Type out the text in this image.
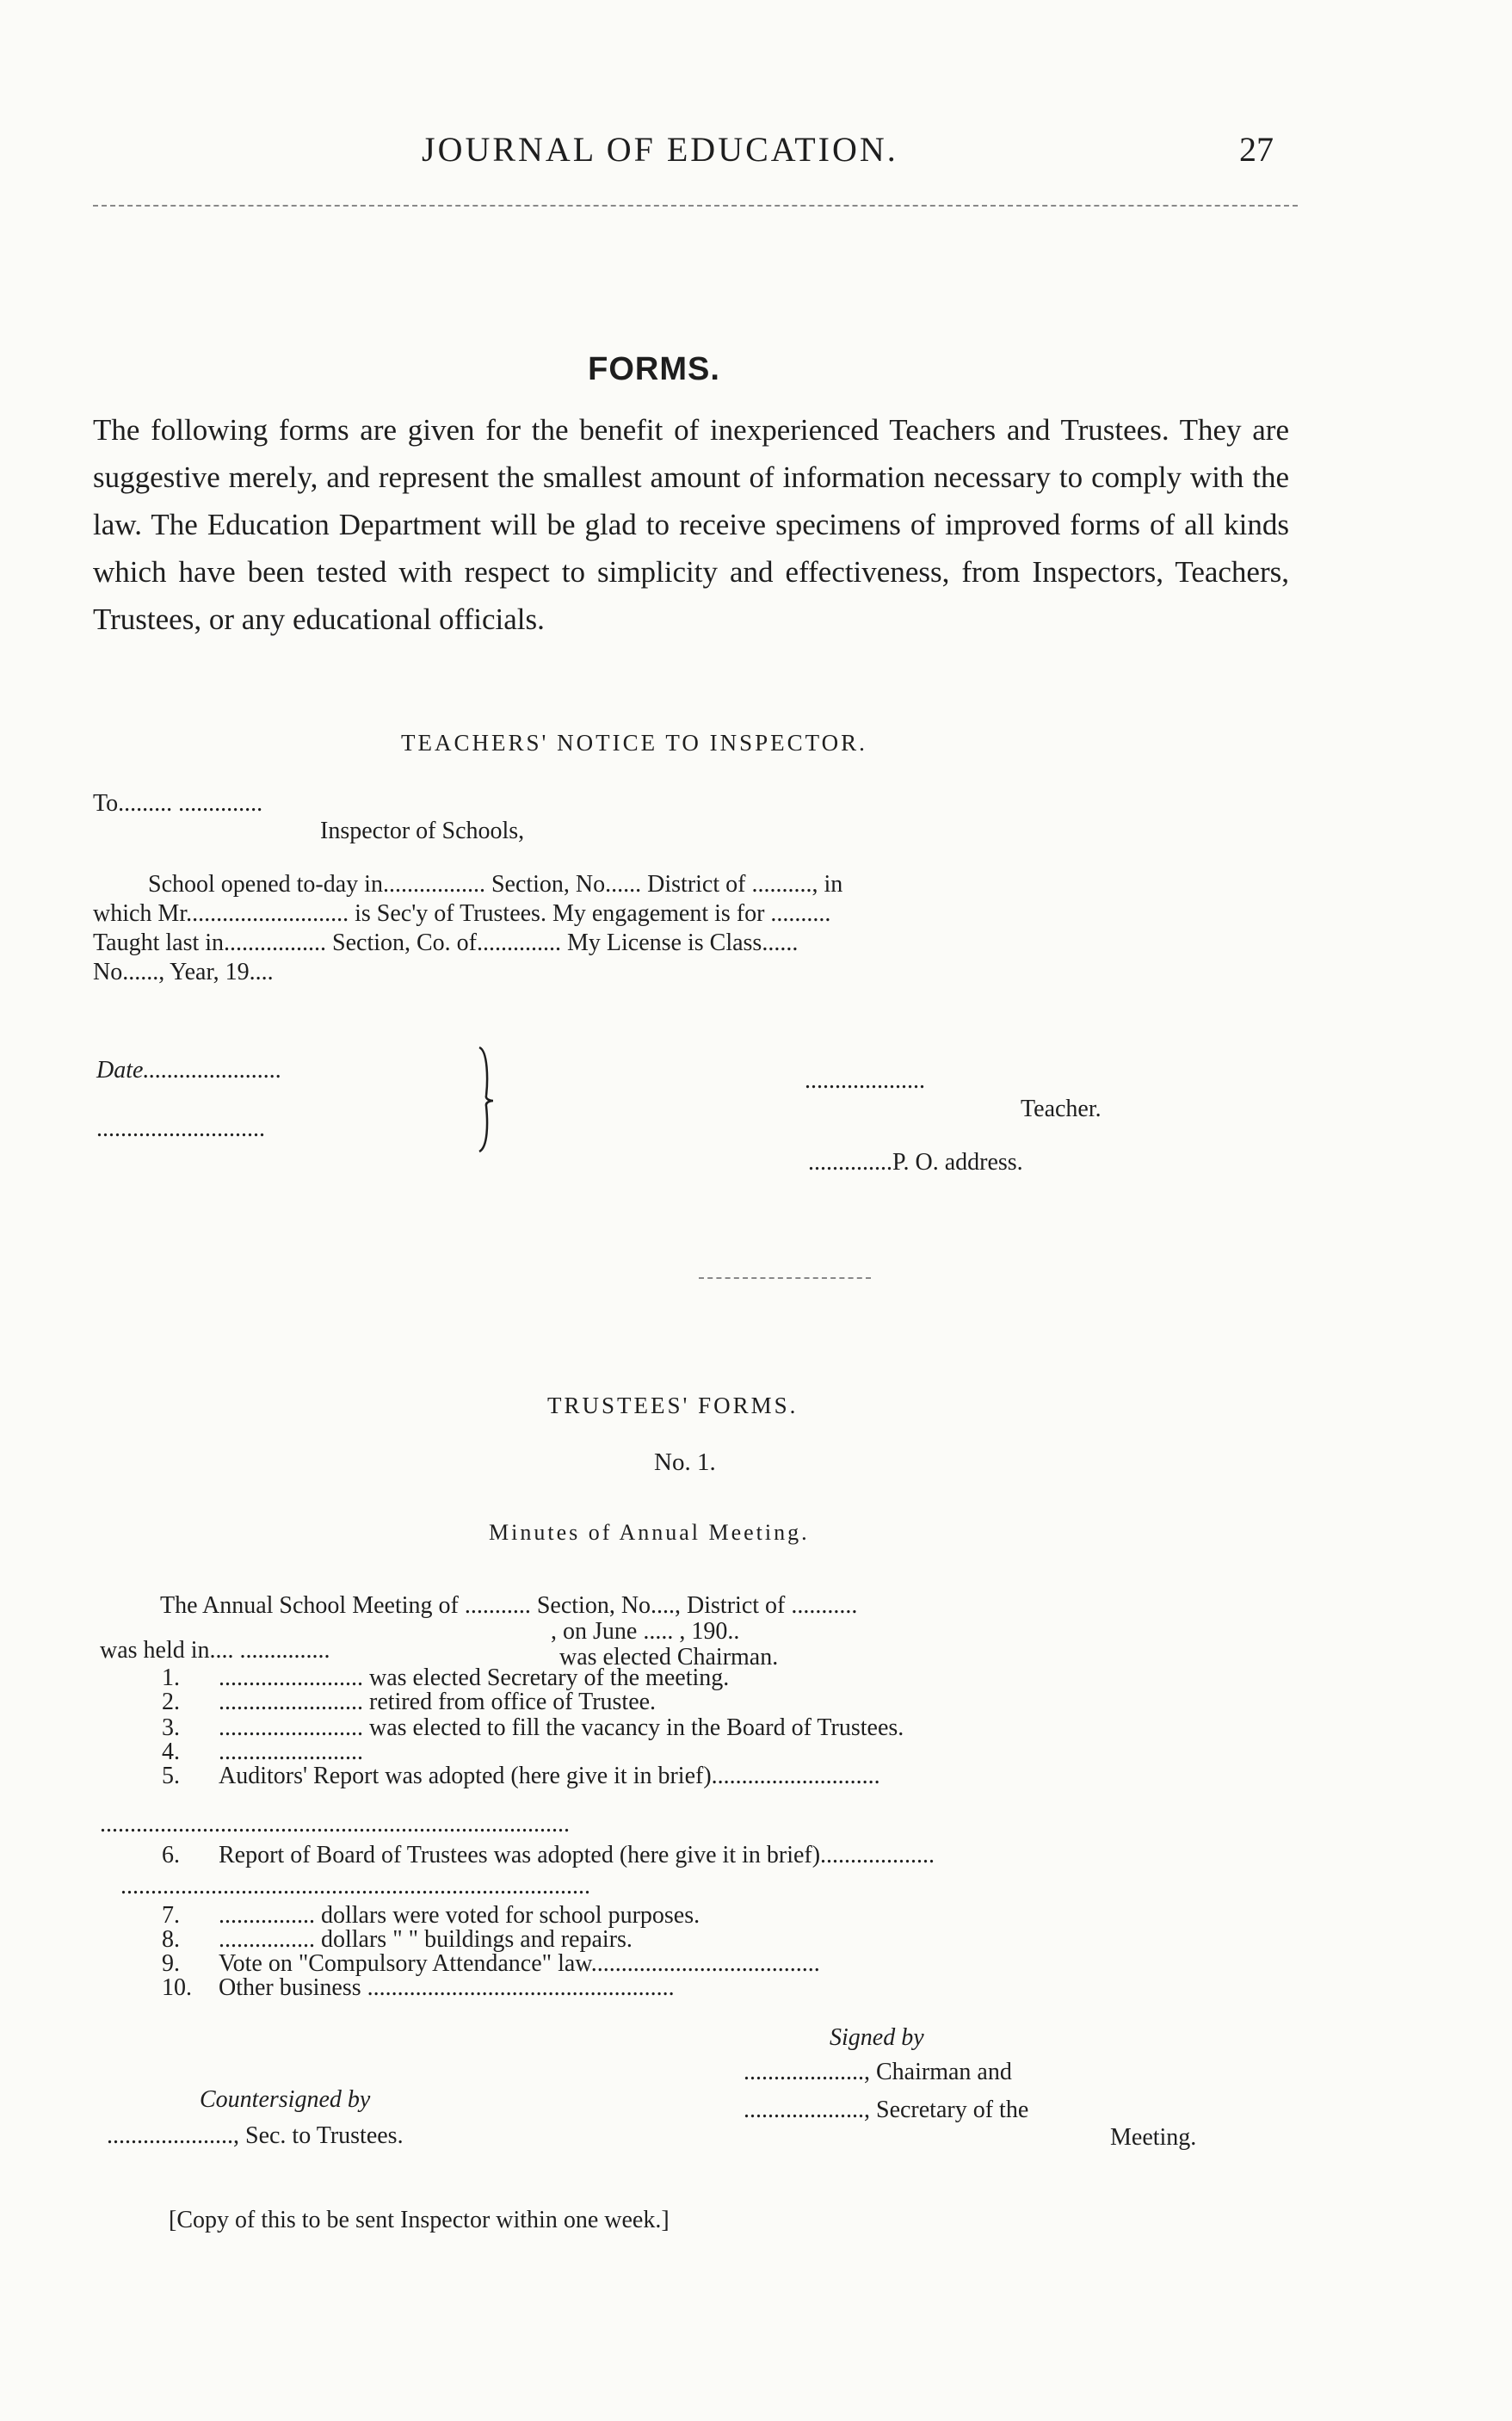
JOURNAL OF EDUCATION.	27
FORMS.
The following forms are given for the benefit of inexperienced Teachers and Trustees. They are suggestive merely, and represent the smallest amount of information necessary to comply with the law. The Education Department will be glad to receive specimens of improved forms of all kinds which have been tested with respect to simplicity and effectiveness, from Inspectors, Teachers, Trustees, or any educational officials.
TEACHERS' NOTICE TO INSPECTOR.
To......... ..............
Inspector of Schools,
School opened to-day in................. Section, No...... District of .........., in
which Mr........................... is Sec'y of Trustees. My engagement is for ..........
Taught last in................. Section, Co. of.............. My License is Class......
No......, Year, 19....
Date.......................
............................
....................
Teacher.
..............P. O. address.
TRUSTEES' FORMS.
No. 1.
Minutes of Annual Meeting.
The Annual School Meeting of ........... Section, No...., District of ...........
was held in.... ...............
, on June ..... , 190..
was elected Chairman.
1. ........................ was elected Secretary of the meeting.
2. ........................ retired from office of Trustee.
3. ........................ was elected to fill the vacancy in the Board of Trustees.
4. ........................
5. Auditors' Report was adopted (here give it in brief)............................
6. Report of Board of Trustees was adopted (here give it in brief)...................
7. ................ dollars were voted for school purposes.
8. ................ dollars " " buildings and repairs.
9. Vote on "Compulsory Attendance" law......................................
10. Other business ...................................................
..............................................................................
..............................................................................
Signed by
Countersigned by
...................., Chairman and
...................., Secretary of the
Meeting.
....................., Sec. to Trustees.
[Copy of this to be sent Inspector within one week.]
